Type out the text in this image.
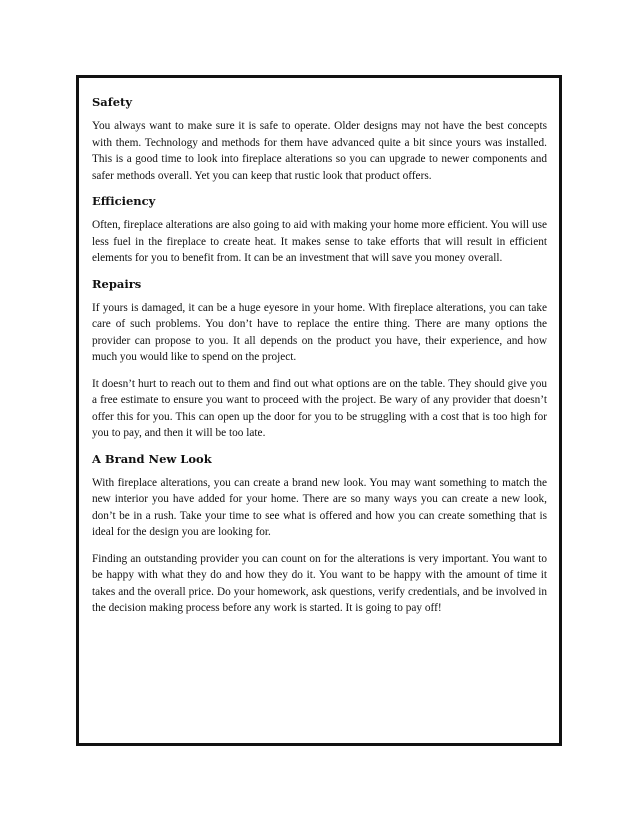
Safety

You always want to make sure it is safe to operate. Older designs may not have the best concepts with them. Technology and methods for them have advanced quite a bit since yours was installed. This is a good time to look into fireplace alterations so you can upgrade to newer components and safer methods overall. Yet you can keep that rustic look that product offers.

Efficiency

Often, fireplace alterations are also going to aid with making your home more efficient. You will use less fuel in the fireplace to create heat. It makes sense to take efforts that will result in efficient elements for you to benefit from. It can be an investment that will save you money overall.

Repairs

If yours is damaged, it can be a huge eyesore in your home. With fireplace alterations, you can take care of such problems. You don’t have to replace the entire thing. There are many options the provider can propose to you. It all depends on the product you have, their experience, and how much you would like to spend on the project.

It doesn’t hurt to reach out to them and find out what options are on the table. They should give you a free estimate to ensure you want to proceed with the project. Be wary of any provider that doesn’t offer this for you. This can open up the door for you to be struggling with a cost that is too high for you to pay, and then it will be too late.

A Brand New Look

With fireplace alterations, you can create a brand new look. You may want something to match the new interior you have added for your home. There are so many ways you can create a new look, don’t be in a rush. Take your time to see what is offered and how you can create something that is ideal for the design you are looking for.

Finding an outstanding provider you can count on for the alterations is very important. You want to be happy with what they do and how they do it. You want to be happy with the amount of time it takes and the overall price. Do your homework, ask questions, verify credentials, and be involved in the decision making process before any work is started. It is going to pay off!
